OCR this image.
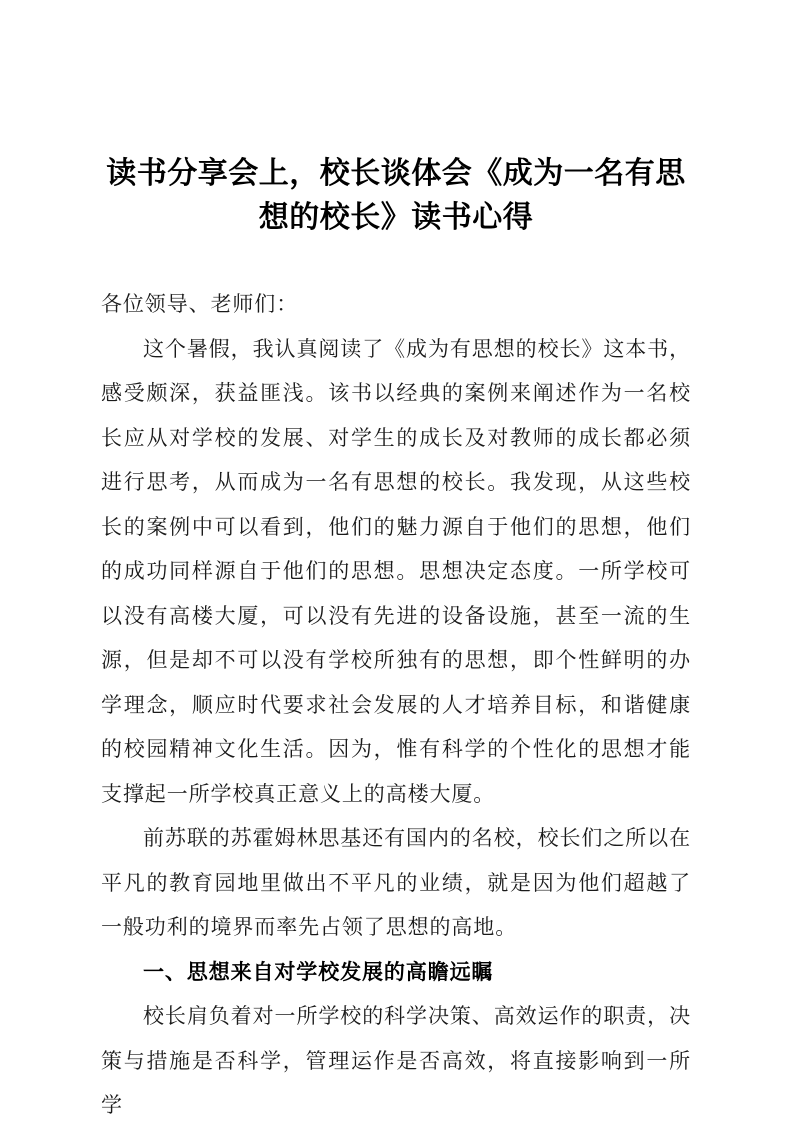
读书分享会上，校长谈体会《成为一名有思想的校长》读书心得

各位领导、老师们：

这个暑假，我认真阅读了《成为有思想的校长》这本书，感受颇深，获益匪浅。该书以经典的案例来阐述作为一名校长应从对学校的发展、对学生的成长及对教师的成长都必须进行思考，从而成为一名有思想的校长。我发现，从这些校长的案例中可以看到，他们的魅力源自于他们的思想，他们的成功同样源自于他们的思想。思想决定态度。一所学校可以没有高楼大厦，可以没有先进的设备设施，甚至一流的生源，但是却不可以没有学校所独有的思想，即个性鲜明的办学理念，顺应时代要求社会发展的人才培养目标，和谐健康的校园精神文化生活。因为，惟有科学的个性化的思想才能支撑起一所学校真正意义上的高楼大厦。

前苏联的苏霍姆林思基还有国内的名校，校长们之所以在平凡的教育园地里做出不平凡的业绩，就是因为他们超越了一般功利的境界而率先占领了思想的高地。

一、思想来自对学校发展的高瞻远瞩

校长肩负着对一所学校的科学决策、高效运作的职责，决策与措施是否科学，管理运作是否高效，将直接影响到一所学
